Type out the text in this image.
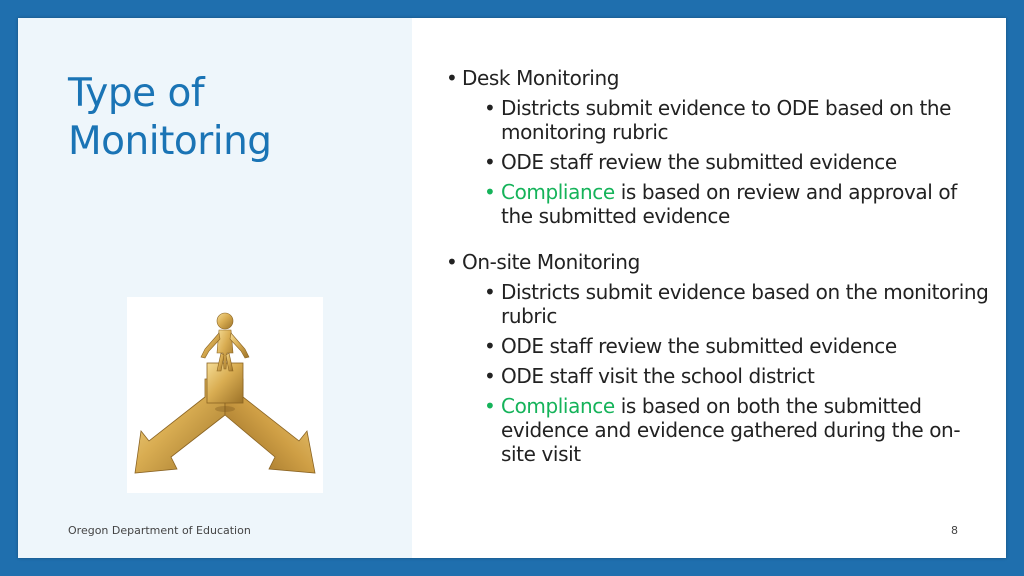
Type of
Monitoring
• Desk Monitoring
• Districts submit evidence to ODE based on the monitoring rubric
• ODE staff review the submitted evidence
• Compliance is based on review and approval of the submitted evidence
• On-site Monitoring
• Districts submit evidence based on the monitoring rubric
• ODE staff review the submitted evidence
• ODE staff visit the school district
• Compliance is based on both the submitted evidence and evidence gathered during the on-site visit
Oregon Department of Education	8
